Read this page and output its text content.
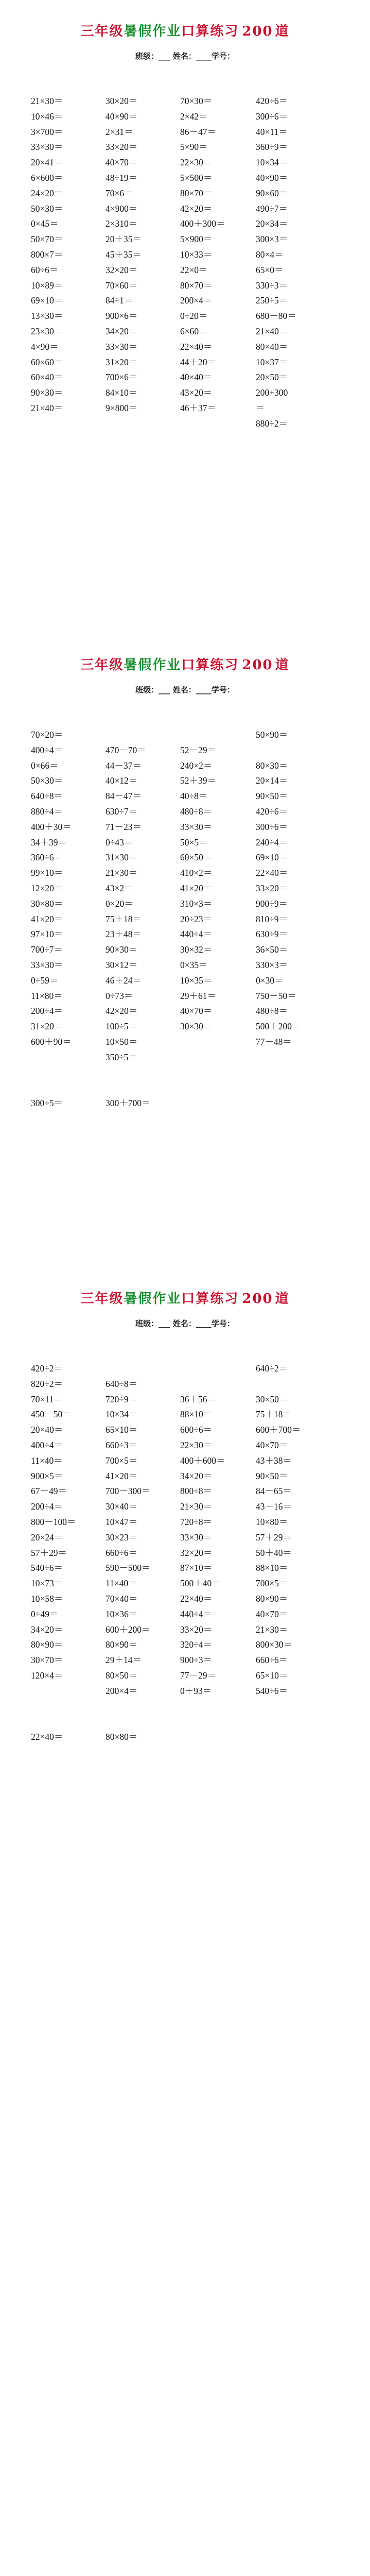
三年级暑假作业口算练习 200 道
班级：___ 姓名：____学号：
21×30＝
10×46＝
3×700＝
33×30＝
20×41＝
6×600＝
24×20＝
50×30＝
0×45＝
50×70＝
800×7＝
60÷6＝
10×89＝
69×10＝
13×30＝
23×30＝
4×90＝
60×60＝
60×40＝
90×30＝
21×40＝
30×20＝
40×90＝
2×31＝
33×20＝
40×70＝
48÷19＝
70×6＝
4×900＝
2×310＝
20＋35＝
45＋35＝
32×20＝
70×60＝
84÷1＝
900×6＝
34×20＝
33×30＝
31×20＝
700×6＝
84×10＝
9×800＝
70×30＝
2×42＝
86－47＝
5×90＝
22×30＝
5×500＝
80×70＝
42×20＝
400＋300＝
5×900＝
10×33＝
22×0＝
80×70＝
200×4＝
0÷20＝
6×60＝
22×40＝
44＋20＝
40×40＝
43×20＝
46＋37＝
420÷6＝
300÷6＝
40×11＝
360÷9＝
10×34＝
40×90＝
90×60＝
490÷7＝
20×34＝
300×3＝
80×4＝
65×0＝
330÷3＝
250÷5＝
680－80＝
21×40＝
80×40＝
10×37＝
20×50＝
200+300
＝
880÷2＝
三年级暑假作业口算练习 200 道
班级：___ 姓名：____学号：
70×20＝
400÷4＝
0×66＝
50×30＝
640÷8＝
880÷4＝
400＋30＝
34＋39＝
360÷6＝
99×10＝
12×20＝
30×80＝
41×20＝
97×10＝
700÷7＝
33×30＝
0÷59＝
11×80＝
200÷4＝
31×20＝
600＋90＝
300÷5＝
470－70＝
44－37＝
40×12＝
84－47＝
630÷7＝
71－23＝
0÷43＝
31×30＝
21×30＝
43×2＝
0×20＝
75＋18＝
23＋48＝
90×30＝
30×12＝
46＋24＝
0÷73＝
42×20＝
100÷5＝
10×50＝
350÷5＝
300＋700＝
52－29＝
240×2＝
52＋39＝
40÷8＝
480÷8＝
33×30＝
50×5＝
60×50＝
410×2＝
41×20＝
310×3＝
20÷23＝
440÷4＝
30×32＝
0×35＝
10×35＝
29＋61＝
40×70＝
30×30＝
50×90＝
80×30＝
20×14＝
90×50＝
420÷6＝
300÷6＝
240÷4＝
69×10＝
22×40＝
33×20＝
900÷9＝
810÷9＝
630÷9＝
36×50＝
330×3＝
0×30＝
750－50＝
480÷8＝
500＋200＝
77－48＝
三年级暑假作业口算练习 200 道
班级：___ 姓名：____学号：
420÷2＝
820÷2＝
70×11＝
450－50＝
20×40＝
400÷4＝
11×40＝
900×5＝
67－49＝
200÷4＝
800－100＝
20×24＝
57＋29＝
540÷6＝
10×73＝
10×58＝
0÷49＝
34×20＝
80×90＝
30×70＝
120×4＝
22×40＝
640÷8＝
720÷9＝
10×34＝
65×10＝
660÷3＝
700×5＝
41×20＝
700－300＝
30×40＝
10×47＝
30×23＝
660÷6＝
590－500＝
11×40＝
70×40＝
10×36＝
600＋200＝
80×90＝
29＋14＝
80×50＝
200×4＝
80×80＝
36＋56＝
88×10＝
600÷6＝
22×30＝
400＋600＝
34×20＝
800÷8＝
21×30＝
720÷8＝
33×30＝
32×20＝
87×10＝
500＋40＝
22×40＝
440÷4＝
33×20＝
320÷4＝
900÷3＝
77－29＝
0＋93＝
640÷2＝
30×50＝
75＋18＝
600＋700＝
40×70＝
43＋38＝
90×50＝
84－65＝
43－16＝
10×80＝
57＋29＝
50＋40＝
88×10＝
700×5＝
80×90＝
40×70＝
21×30＝
800×30＝
660÷6＝
65×10＝
540÷6＝
